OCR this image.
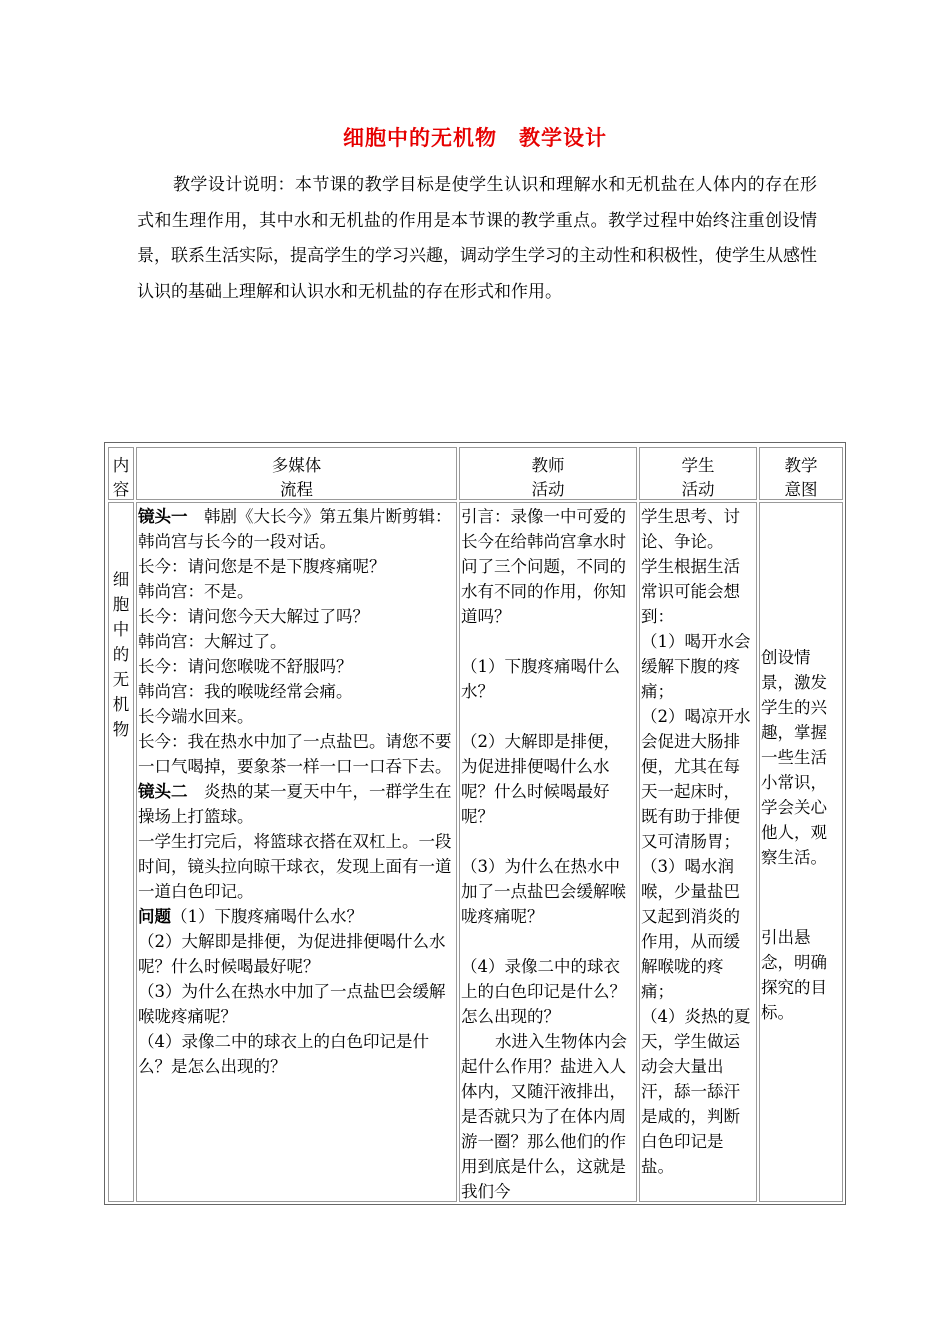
细胞中的无机物　教学设计
教学设计说明：本节课的教学目标是使学生认识和理解水和无机盐在人体内的存在形式和生理作用，其中水和无机盐的作用是本节课的教学重点。教学过程中始终注重创设情景，联系生活实际，提高学生的学习兴趣，调动学生学习的主动性和积极性，使学生从感性认识的基础上理解和认识水和无机盐的存在形式和作用。
内
容
多媒体
流程
教师
活动
学生
活动
教学
意图
细胞中的无机物

镜头一　韩剧《大长今》第五集片断剪辑：韩尚宫与长今的一段对话。

长今：请问您是不是下腹疼痛呢？

韩尚宫：不是。

长今：请问您今天大解过了吗？

韩尚宫：大解过了。

长今：请问您喉咙不舒服吗？

韩尚宫：我的喉咙经常会痛。

长今端水回来。

长今：我在热水中加了一点盐巴。请您不要一口气喝掉，要象茶一样一口一口吞下去。

镜头二　炎热的某一夏天中午，一群学生在操场上打篮球。

一学生打完后，将篮球衣搭在双杠上。一段时间，镜头拉向晾干球衣，发现上面有一道一道白色印记。

问题（1）下腹疼痛喝什么水？

（2）大解即是排便，为促进排便喝什么水呢？什么时候喝最好呢？

（3）为什么在热水中加了一点盐巴会缓解喉咙疼痛呢？

（4）录像二中的球衣上的白色印记是什么？是怎么出现的？

引言：录像一中可爱的长今在给韩尚宫拿水时问了三个问题，不同的水有不同的作用，你知道吗？

（1）下腹疼痛喝什么水？

（2）大解即是排便，为促进排便喝什么水呢？什么时候喝最好呢？

（3）为什么在热水中加了一点盐巴会缓解喉咙疼痛呢？

（4）录像二中的球衣上的白色印记是什么？怎么出现的？

水进入生物体内会起什么作用？盐进入人体内，又随汗液排出，是否就只为了在体内周游一圈？那么他们的作用到底是什么，这就是我们今

学生思考、讨论、争论。

学生根据生活常识可能会想到：

（1）喝开水会缓解下腹的疼痛；

（2）喝凉开水会促进大肠排便，尤其在每天一起床时，既有助于排便又可清肠胃；

（3）喝水润喉，少量盐巴又起到消炎的作用，从而缓解喉咙的疼痛；

（4）炎热的夏天，学生做运动会大量出汗，舔一舔汗是咸的，判断白色印记是盐。

创设情景，激发学生的兴趣，掌握一些生活小常识，学会关心他人，观察生活。

引出悬念，明确探究的目标。
